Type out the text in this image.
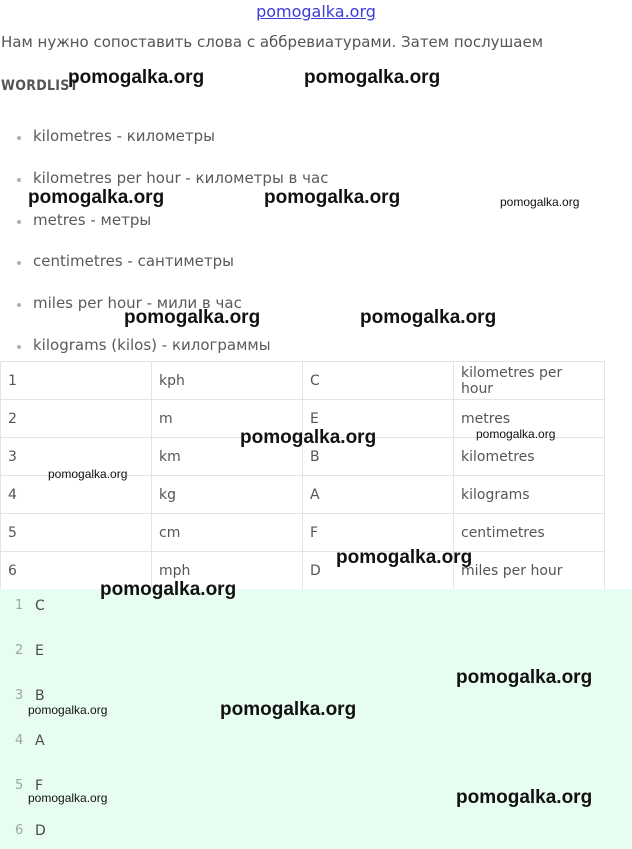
pomogalka.org
Нам нужно сопоставить слова с аббревиатурами. Затем послушаем
WORDLIST
kilometres - километры
kilometres per hour - километры в час
metres - метры
centimetres - сантиметры
miles per hour - мили в час
kilograms (kilos) - килограммы
1	kph	C	kilometres per hour
2	m	E	metres
3	km	B	kilometres
4	kg	A	kilograms
5	cm	F	centimetres
6	mph	D	miles per hour
1 C
2 E
3 B
4 A
5 F
6 D
pomogalka.org	pomogalka.org
pomogalka.org	pomogalka.org	pomogalka.org
pomogalka.org	pomogalka.org
pomogalka.org	pomogalka.org
pomogalka.org
pomogalka.org
pomogalka.org
pomogalka.org
pomogalka.org
pomogalka.org
pomogalka.org	pomogalka.org
